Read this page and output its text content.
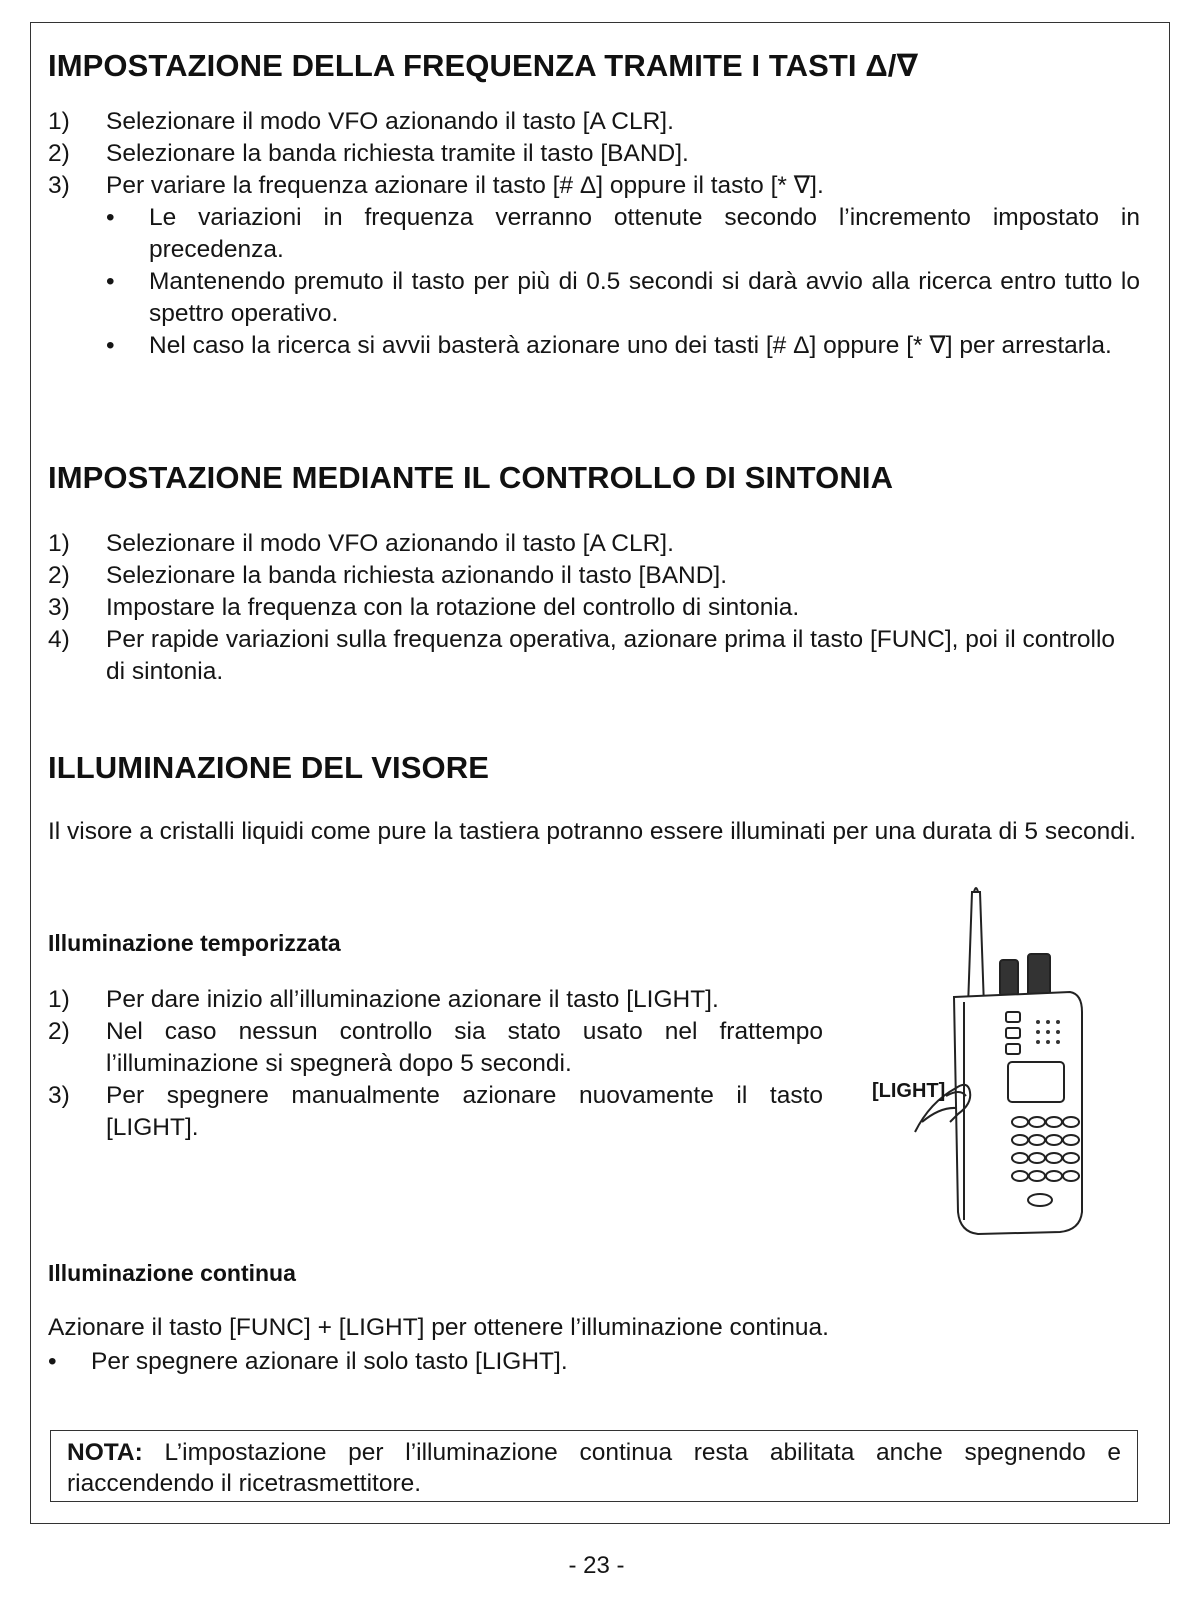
IMPOSTAZIONE DELLA FREQUENZA TRAMITE I TASTI Δ/∇
1) Selezionare il modo VFO azionando il tasto [A CLR].
2) Selezionare la banda richiesta tramite il tasto [BAND].
3) Per variare la frequenza azionare il tasto [# Δ] oppure il tasto [* ∇].
• Le variazioni in frequenza verranno ottenute secondo l’incremento impostato in precedenza.
• Mantenendo premuto il tasto per più di 0.5 secondi si darà avvio alla ricerca entro tutto lo spettro operativo.
• Nel caso la ricerca si avvii basterà azionare uno dei tasti [# Δ] oppure [* ∇] per arrestarla.
IMPOSTAZIONE MEDIANTE IL CONTROLLO DI SINTONIA
1) Selezionare il modo VFO azionando il tasto [A CLR].
2) Selezionare la banda richiesta azionando il tasto [BAND].
3) Impostare la frequenza con la rotazione del controllo di sintonia.
4) Per rapide variazioni sulla frequenza operativa, azionare prima il tasto [FUNC], poi il controllo di sintonia.
ILLUMINAZIONE DEL VISORE

Il visore a cristalli liquidi come pure la tastiera potranno essere illuminati per una durata di 5 secondi.

Illuminazione temporizzata
1) Per dare inizio all’illuminazione azionare il tasto [LIGHT].
2) Nel caso nessun controllo sia stato usato nel frattempo l’illuminazione si spegnerà dopo 5 secondi.
3) Per spegnere manualmente azionare nuovamente il tasto [LIGHT].
[LIGHT]
Illuminazione continua

Azionare il tasto [FUNC] + [LIGHT] per ottenere l’illuminazione continua.

• Per spegnere azionare il solo tasto [LIGHT].
NOTA: L’impostazione per l’illuminazione continua resta abilitata anche spegnendo e riaccendendo il ricetrasmettitore.
- 23 -
